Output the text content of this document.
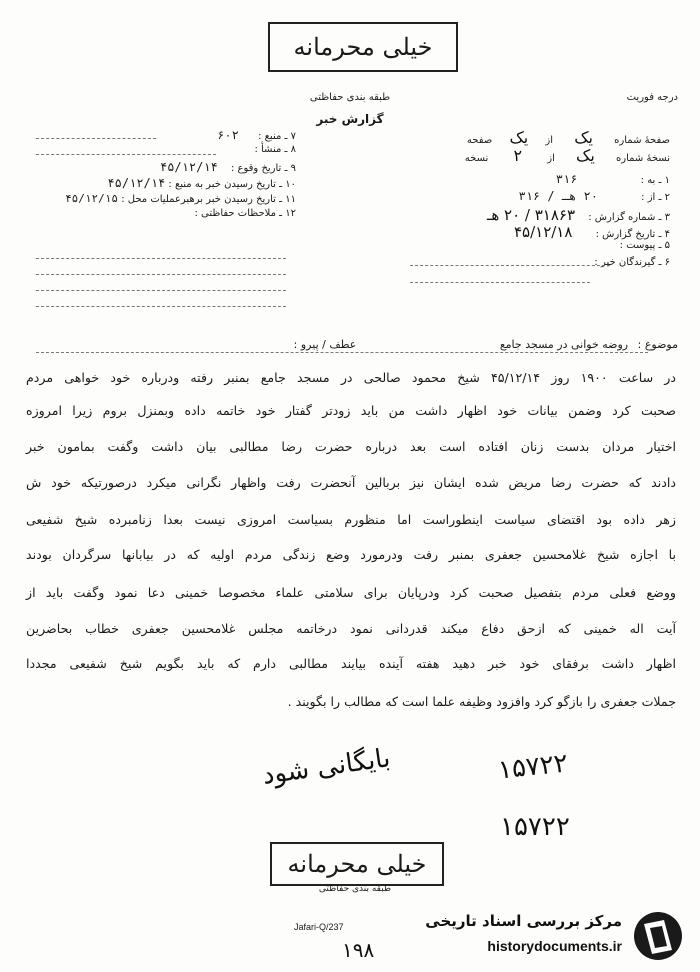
خیلی محرمانه
طبقه بندی حفاظتی	درجه فوریت
گزارش خبر
صفحهٔ شماره یک از یک صفحه
نسخهٔ شماره یک از ۲ نسخه
۱ ـ به : ۳۱۶
۲ ـ از : ۲۰ هـ / ۳۱۶
۳ ـ شماره گزارش : ۳۱۸۶۳ / ۲۰ هـ
۴ ـ تاریخ گزارش : ۴۵/۱۲/۱۸
۵ ـ پیوست :
۶ ـ گیرندگان خبر :
۷ ـ منبع : ۶۰۲
۸ ـ منشأ :
۹ ـ تاریخ وقوع : ۴۵/۱۲/۱۴
۱۰ ـ تاریخ رسیدن خبر به منبع : ۴۵/۱۲/۱۴
۱۱ ـ تاریخ رسیدن خبر برهبرعملیات محل : ۴۵/۱۲/۱۵
۱۲ ـ ملاحظات حفاظتی :
موضوع : روضه خوانی در مسجد جامع عطف / پیرو :
در ساعت ۱۹۰۰ روز ۴۵/۱۲/۱۴ شیخ محمود صالحی در مسجد جامع بمنبر رفته ودرباره خود خواهی مردم
صحبت کرد وضمن بیانات خود اظهار داشت من باید زودتر گفتار خود خاتمه داده وبمنزل بروم زیرا امروزه
اختیار مردان بدست زنان افتاده است بعد درباره حضرت رضا مطالبی بیان داشت وگفت بمامون خبر
دادند که حضرت رضا مریض شده ایشان نیز بربالین آنحضرت رفت واظهار نگرانی میکرد درصورتیکه خود ش
زهر داده بود اقتضای سیاست اینطوراست اما منظورم بسیاست امروزی نیست بعدا زنامبرده شیخ شفیعی
با اجازه شیخ غلامحسین جعفری بمنبر رفت ودرمورد وضع زندگی مردم اولیه که در بیابانها سرگردان بودند
ووضع فعلی مردم بتفصیل صحبت کرد ودرپایان برای سلامتی علماء مخصوصا خمینی دعا نمود وگفت باید از
آیت اله خمینی که ازحق دفاع میکند قدردانی نمود درخاتمه مجلس غلامحسین جعفری خطاب بحاضرین
اظهار داشت برفقای خود خبر دهید هفته آینده بیایند مطالبی دارم که باید بگویم شیخ شفیعی مجددا
جملات جعفری را بازگو کرد وافزود وظیفه علما است که مطالب را بگویند .
بایگانی شود	۱۵۷۲۲
۱۵۷۲۲
خیلی محرمانه
طبقه بندی حفاظتی
Jafari-Q/237
۱۹۸
مرکز بررسی اسناد تاریخی
historydocuments.ir
